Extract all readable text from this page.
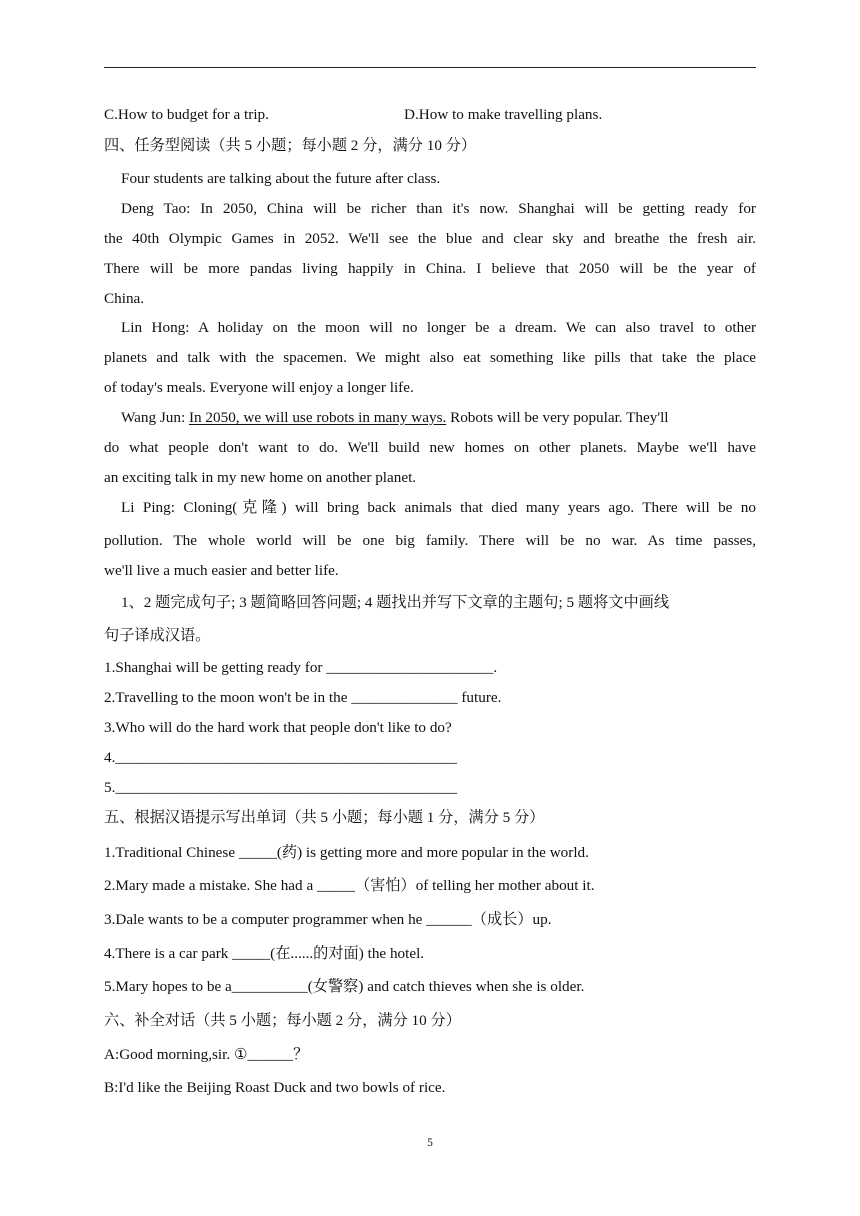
C.How to budget for a trip.	D.How to make travelling plans.
四、任务型阅读（共 5 小题；每小题 2 分，满分 10 分）
Four students are talking about the future after class.
Deng Tao: In 2050, China will be richer than it's now. Shanghai will be getting ready for
the 40th Olympic Games in 2052. We'll see the blue and clear sky and breathe the fresh air.
There will be more pandas living happily in China. I believe that 2050 will be the year of
China.
Lin Hong: A holiday on the moon will no longer be a dream. We can also travel to other
planets and talk with the spacemen. We might also eat something like pills that take the place
of today's meals. Everyone will enjoy a longer life.
Wang Jun: In 2050, we will use robots in many ways. Robots will be very popular. They'll
do what people don't want to do. We'll build new homes on other planets. Maybe we'll have
an exciting talk in my new home on another planet.
Li Ping: Cloning(克隆) will bring back animals that died many years ago. There will be no
pollution. The whole world will be one big family. There will be no war. As time passes,
we'll live a much easier and better life.
1、2 题完成句子; 3 题简略回答问题; 4 题找出并写下文章的主题句; 5 题将文中画线
句子译成汉语。
1.Shanghai will be getting ready for ______________________.
2.Travelling to the moon won't be in the ______________ future.
3.Who will do the hard work that people don't like to do?
4._____________________________________________
5._____________________________________________
五、根据汉语提示写出单词（共 5 小题；每小题 1 分，满分 5 分）
1.Traditional Chinese _____(药) is getting more and more popular in the world.
2.Mary made a mistake. She had a _____（害怕）of telling her mother about it.
3.Dale wants to be a computer programmer when he ______（成长）up.
4.There is a car park _____(在......的对面) the hotel.
5.Mary hopes to be a__________(女警察) and catch thieves when she is older.
六、补全对话（共 5 小题；每小题 2 分，满分 10 分）
A:Good morning,sir. ①______？
B:I'd like the Beijing Roast Duck and two bowls of rice.
5
